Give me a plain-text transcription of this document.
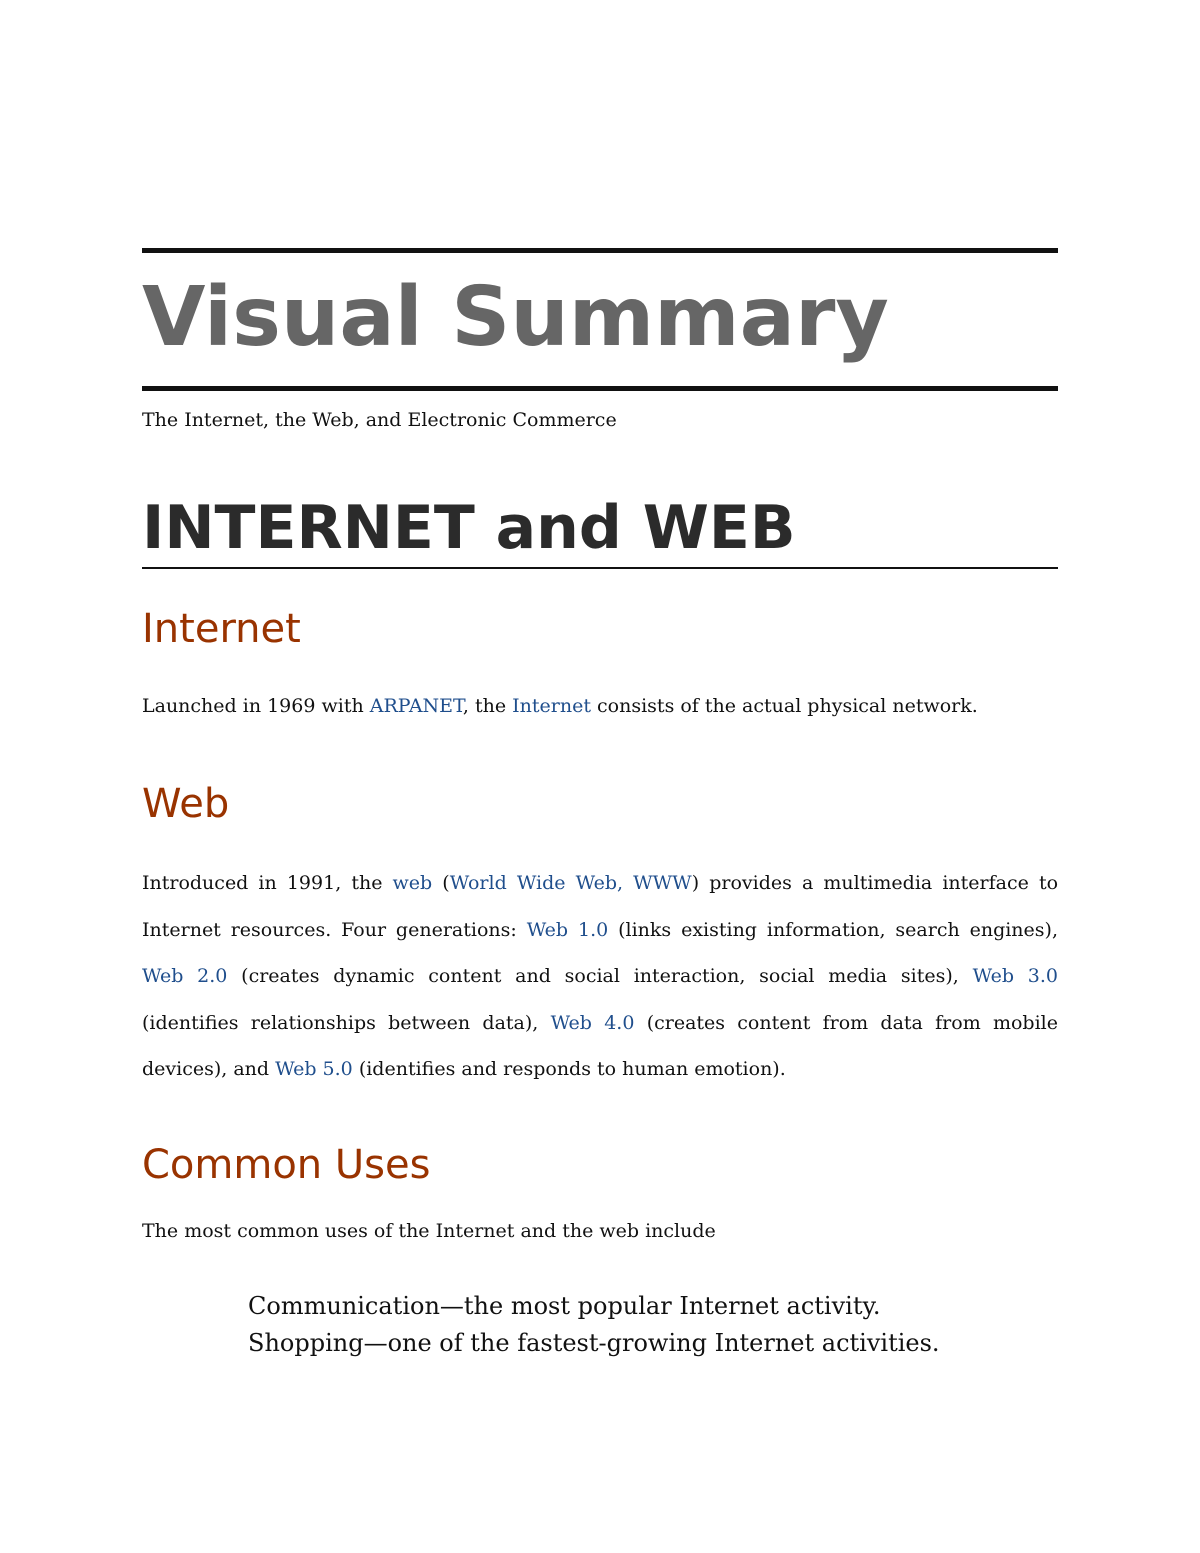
Visual Summary

The Internet, the Web, and Electronic Commerce

INTERNET and WEB
Internet

Launched in 1969 with ARPANET, the Internet consists of the actual physical network.

Web

Introduced in 1991, the web (World Wide Web, WWW) provides a multimedia interface to Internet resources. Four generations: Web 1.0 (links existing information, search engines), Web 2.0 (creates dynamic content and social interaction, social media sites), Web 3.0 (identifies relationships between data), Web 4.0 (creates content from data from mobile devices), and Web 5.0 (identifies and responds to human emotion).

Common Uses

The most common uses of the Internet and the web include

Communication—the most popular Internet activity.
Shopping—one of the fastest-growing Internet activities.
